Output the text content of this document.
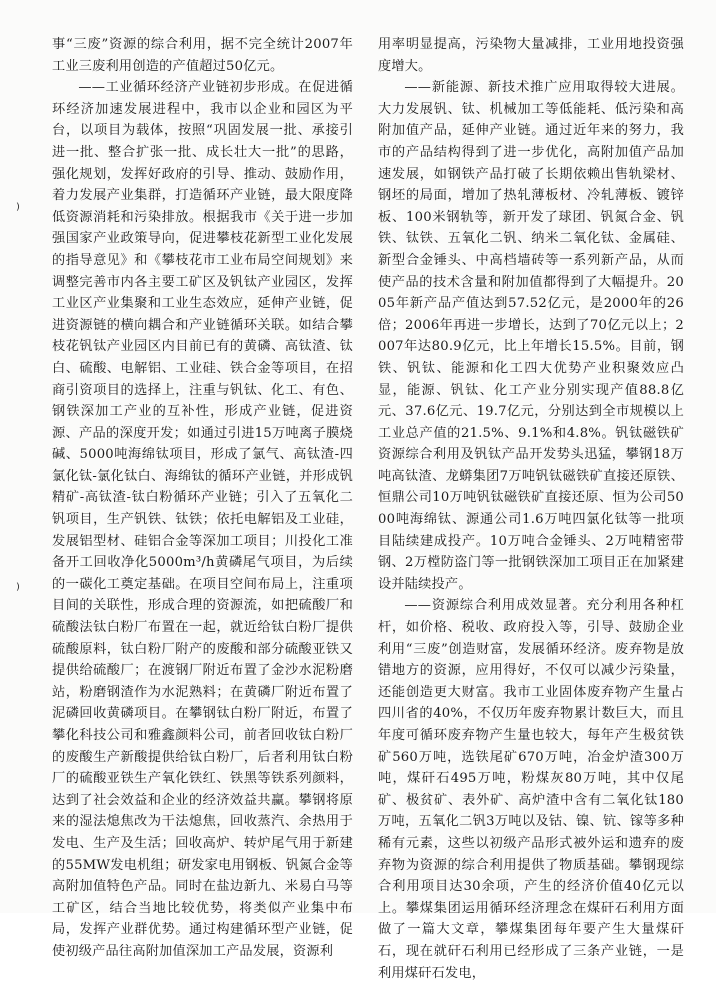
⁾
⁾

事“三废”资源的综合利用，据不完全统计2007年工业三废利用创造的产值超过50亿元。

——工业循环经济产业链初步形成。在促进循环经济加速发展进程中，我市以企业和园区为平台，以项目为载体，按照“巩固发展一批、承接引进一批、整合扩张一批、成长壮大一批”的思路，强化规划，发挥好政府的引导、推动、鼓励作用，着力发展产业集群，打造循环产业链，最大限度降低资源消耗和污染排放。根据我市《关于进一步加强国家产业政策导向，促进攀枝花新型工业化发展的指导意见》和《攀枝花市工业布局空间规划》来调整完善市内各主要工矿区及钒钛产业园区，发挥工业区产业集聚和工业生态效应，延伸产业链，促进资源链的横向耦合和产业链循环关联。如结合攀枝花钒钛产业园区内目前已有的黄磷、高钛渣、钛白、硫酸、电解铝、工业硅、铁合金等项目，在招商引资项目的选择上，注重与钒钛、化工、有色、钢铁深加工产业的互补性，形成产业链，促进资源、产品的深度开发；如通过引进15万吨离子膜烧碱、5000吨海绵钛项目，形成了氯气、高钛渣-四氯化钛-氯化钛白、海绵钛的循环产业链，并形成钒精矿-高钛渣-钛白粉循环产业链；引入了五氧化二钒项目，生产钒铁、钛铁；依托电解铝及工业硅，发展铝型材、硅铝合金等深加工项目；川投化工准备开工回收净化5000m³/h黄磷尾气项目，为后续的一碳化工奠定基础。在项目空间布局上，注重项目间的关联性，形成合理的资源流，如把硫酸厂和硫酸法钛白粉厂布置在一起，就近给钛白粉厂提供硫酸原料，钛白粉厂附产的废酸和部分硫酸亚铁又提供给硫酸厂；在渡钢厂附近布置了金沙水泥粉磨站，粉磨钢渣作为水泥熟料；在黄磷厂附近布置了泥磷回收黄磷项目。在攀钢钛白粉厂附近，布置了攀化科技公司和雅鑫颜料公司，前者回收钛白粉厂的废酸生产新酸提供给钛白粉厂，后者利用钛白粉厂的硫酸亚铁生产氧化铁红、铁黑等铁系列颜料，达到了社会效益和企业的经济效益共赢。攀钢将原来的湿法熄焦改为干法熄焦，回收蒸汽、余热用于发电、生产及生活；回收高炉、转炉尾气用于新建的55MW发电机组；研发家电用钢板、钒氮合金等高附加值特色产品。同时在盐边新九、米易白马等工矿区，结合当地比较优势，将类似产业集中布局，发挥产业群优势。通过构建循环型产业链，促使初级产品往高附加值深加工产品发展，资源利

用率明显提高，污染物大量减排，工业用地投资强度增大。

——新能源、新技术推广应用取得较大进展。大力发展钒、钛、机械加工等低能耗、低污染和高附加值产品，延伸产业链。通过近年来的努力，我市的产品结构得到了进一步优化，高附加值产品加速发展，如钢铁产品打破了长期依赖出售轨梁材、钢坯的局面，增加了热轧薄板材、冷轧薄板、镀锌板、100米钢轨等，新开发了球团、钒氮合金、钒铁、钛铁、五氧化二钒、纳米二氧化钛、金属硅、新型合金锤头、中高档墙砖等一系列新产品，从而使产品的技术含量和附加值都得到了大幅提升。2005年新产品产值达到57.52亿元，是2000年的26倍；2006年再进一步增长，达到了70亿元以上；2007年达80.9亿元，比上年增长15.5%。目前，钢铁、钒钛、能源和化工四大优势产业积聚效应凸显，能源、钒钛、化工产业分别实现产值88.8亿元、37.6亿元、19.7亿元，分别达到全市规模以上工业总产值的21.5%、9.1%和4.8%。钒钛磁铁矿资源综合利用及钒钛产品开发势头迅猛，攀钢18万吨高钛渣、龙蟒集团7万吨钒钛磁铁矿直接还原铁、恒鼎公司10万吨钒钛磁铁矿直接还原、恒为公司5000吨海绵钛、源通公司1.6万吨四氯化钛等一批项目陆续建成投产。10万吨合金锤头、2万吨精密带钢、2万樘防盗门等一批钢铁深加工项目正在加紧建设并陆续投产。

——资源综合利用成效显著。充分利用各种杠杆，如价格、税收、政府投入等，引导、鼓励企业利用“三废”创造财富，发展循环经济。废弃物是放错地方的资源，应用得好，不仅可以减少污染量，还能创造更大财富。我市工业固体废弃物产生量占四川省的40%，不仅历年废弃物累计数巨大，而且年度可循环废弃物产生量也较大，每年产生极贫铁矿560万吨，选铁尾矿670万吨，冶金炉渣300万吨，煤矸石495万吨，粉煤灰80万吨，其中仅尾矿、极贫矿、表外矿、高炉渣中含有二氧化钛180万吨，五氧化二钒3万吨以及钴、镍、钪、镓等多种稀有元素，这些以初级产品形式被外运和遗弃的废弃物为资源的综合利用提供了物质基础。攀钢现综合利用项目达30余项，产生的经济价值40亿元以上。攀煤集团运用循环经济理念在煤矸石利用方面做了一篇大文章，攀煤集团每年要产生大量煤矸石，现在就矸石利用已经形成了三条产业链，一是利用煤矸石发电，
